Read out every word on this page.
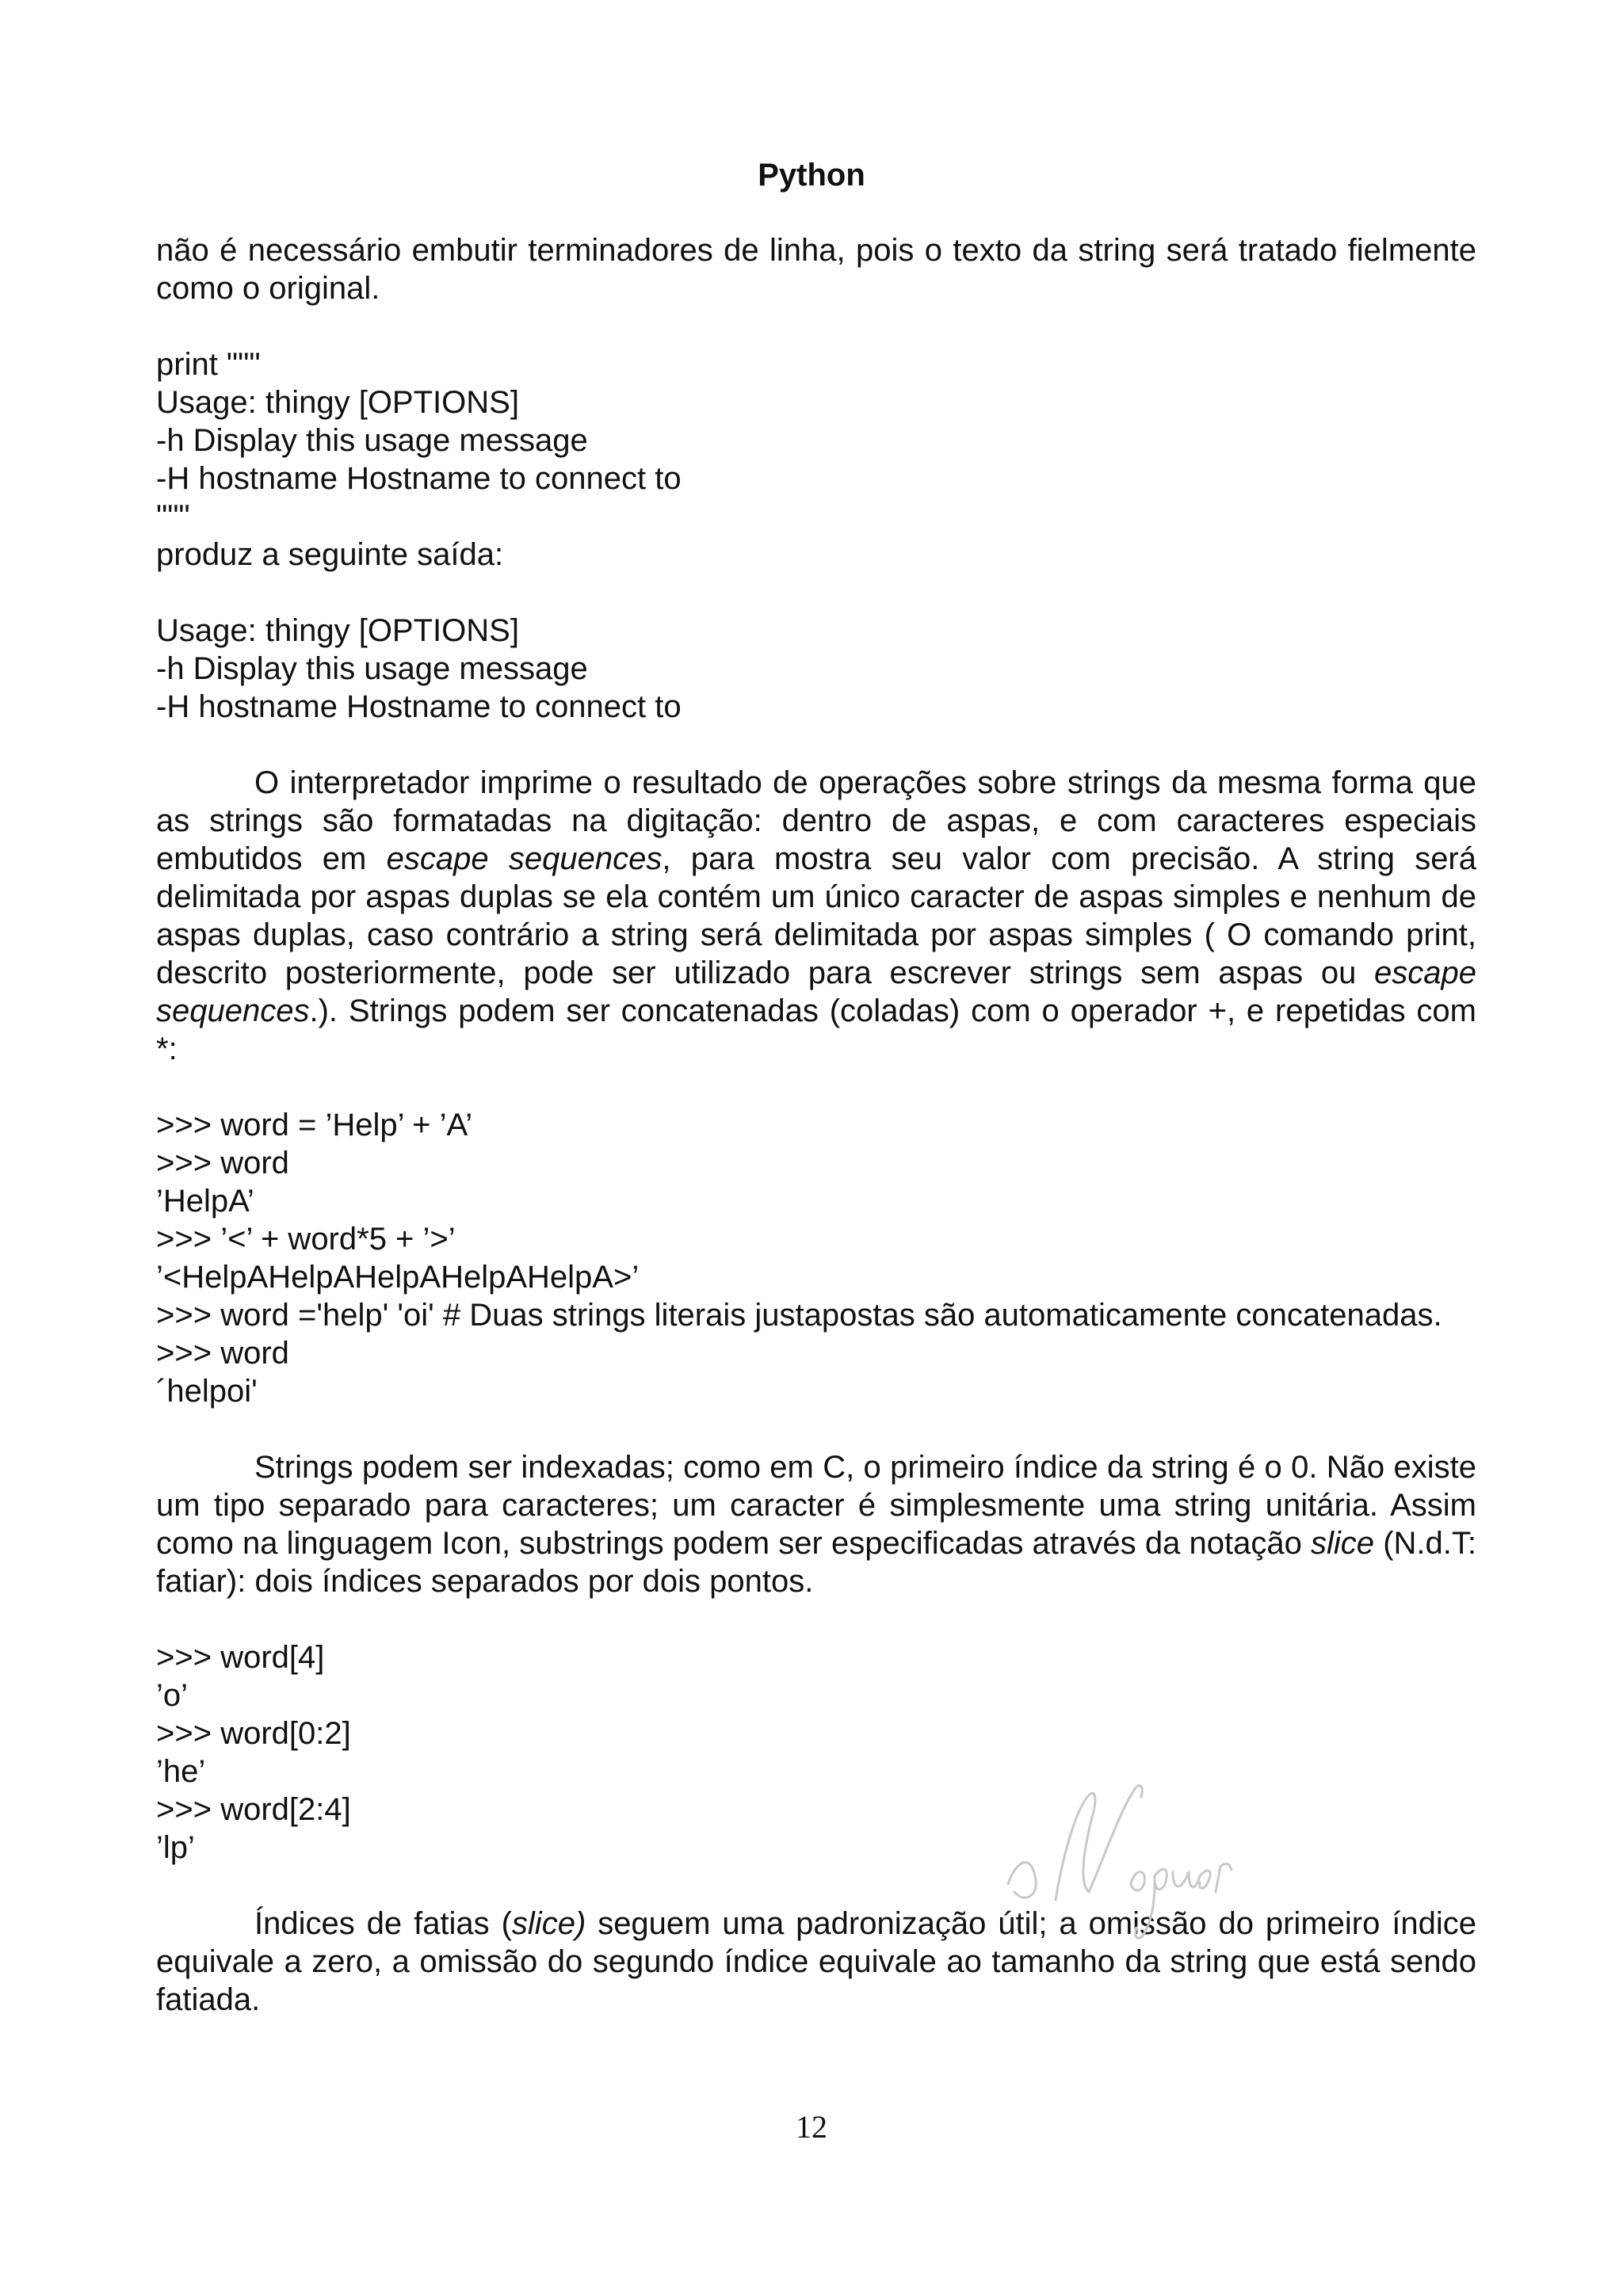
Python

não é necessário embutir terminadores de linha, pois o texto da string será tratado fielmente como o original.

print """
Usage: thingy [OPTIONS]
-h Display this usage message
-H hostname Hostname to connect to
"""
produz a seguinte saída:
Usage: thingy [OPTIONS]
-h Display this usage message
-H hostname Hostname to connect to

O interpretador imprime o resultado de operações sobre strings da mesma forma que as strings são formatadas na digitação: dentro de aspas, e com caracteres especiais embutidos em escape sequences, para mostra seu valor com precisão. A string será delimitada por aspas duplas se ela contém um único caracter de aspas simples e nenhum de aspas duplas, caso contrário a string será delimitada por aspas simples ( O comando print, descrito posteriormente, pode ser utilizado para escrever strings sem aspas ou escape sequences.). Strings podem ser concatenadas (coladas) com o operador +, e repetidas com *:

>>> word = ’Help’ + ’A’
>>> word
’HelpA’
>>> ’<’ + word*5 + ’>’
’<HelpAHelpAHelpAHelpAHelpA>’

>>> word ='help' 'oi' # Duas strings literais justapostas são automaticamente concatenadas.

>>> word
´helpoi'

Strings podem ser indexadas; como em C, o primeiro índice da string é o 0. Não existe um tipo separado para caracteres; um caracter é simplesmente uma string unitária. Assim como na linguagem Icon, substrings podem ser especificadas através da notação slice (N.d.T: fatiar): dois índices separados por dois pontos.

>>> word[4]
’o’
>>> word[0:2]
’he’
>>> word[2:4]
’lp’

Índices de fatias (slice) seguem uma padronização útil; a omissão do primeiro índice equivale a zero, a omissão do segundo índice equivale ao tamanho da string que está sendo fatiada.

12
